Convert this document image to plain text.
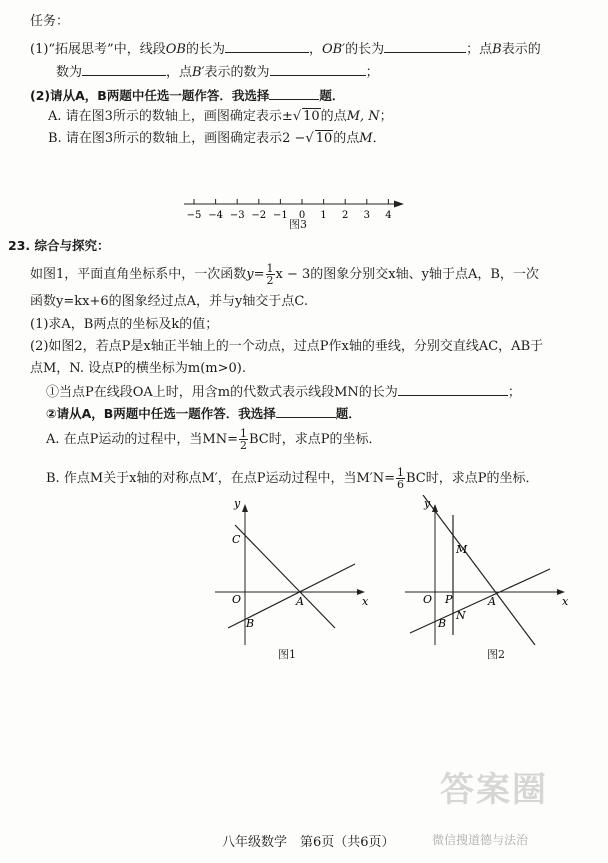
任务：
(1)“拓展思考”中，线段OB的长为	，OB′的长为	；点B表示的
数为	，点B′表示的数为	；
(2)请从A，B两题中任选一题作答．我选择	题．
A. 请在图3所示的数轴上，画图确定表示±√ 10的点M, N；
B. 请在图3所示的数轴上，画图确定表示2 −√ 10的点M．
−5 −4 −3 −2 −1 0 1 2 3 4
图3
23. 综合与探究：
如图1，平面直角坐标系中，一次函数$y= \frac{1}{2}$ x − 3的图象分别交x轴、y轴于点A，B，一次
函数y=kx+6的图象经过点A，并与y轴交于点C.
(1)求A，B两点的坐标及k的值；
(2)如图2，若点P是x轴正半轴上的一个动点，过点P作x轴的垂线，分别交直线AC，AB于
点M，N. 设点P的横坐标为m(m>0).
①当点P在线段OA上时，用含m的代数式表示线段MN的长为	；
②请从A，B两题中任选一题作答．我选择	题．
A. 在点P运动的过程中，当$MN= \frac{1}{2}$ BC时，求点P的坐标．
B. 作点M关于x轴的对称点M′，在点P运动过程中，当$M'N= \frac{1}{6}$ BC时，求点P的坐标．
y
x
C
O	A
B
图1
y
x
M
O P	A
B
N
图2
答案圈
微信搜道德与法治
八年级数学　第6页（共6页）
